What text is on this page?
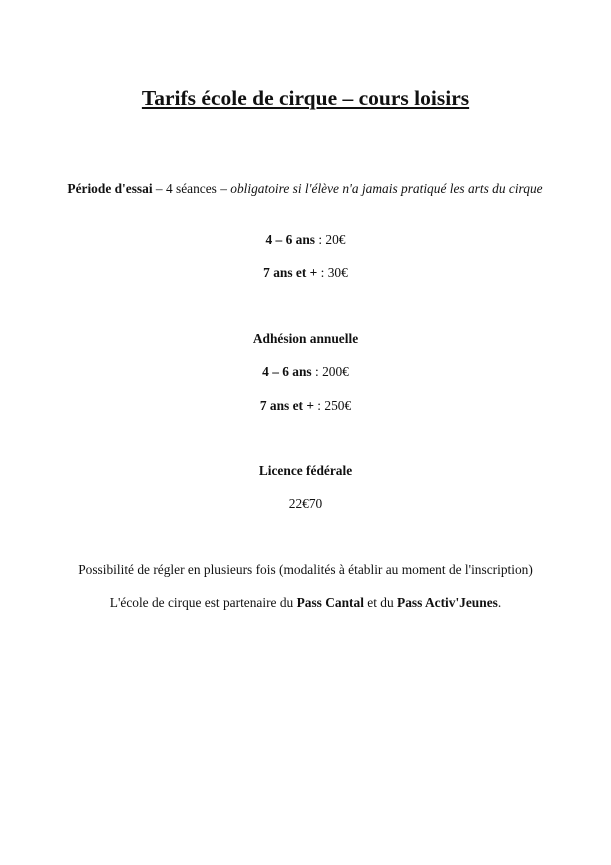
Tarifs école de cirque – cours loisirs

Période d'essai – 4 séances – obligatoire si l'élève n'a jamais pratiqué les arts du cirque

4 – 6 ans : 20€

7 ans et + : 30€

Adhésion annuelle

4 – 6 ans : 200€

7 ans et + : 250€

Licence fédérale

22€70

Possibilité de régler en plusieurs fois (modalités à établir au moment de l'inscription)

L'école de cirque est partenaire du Pass Cantal et du Pass Activ'Jeunes.
